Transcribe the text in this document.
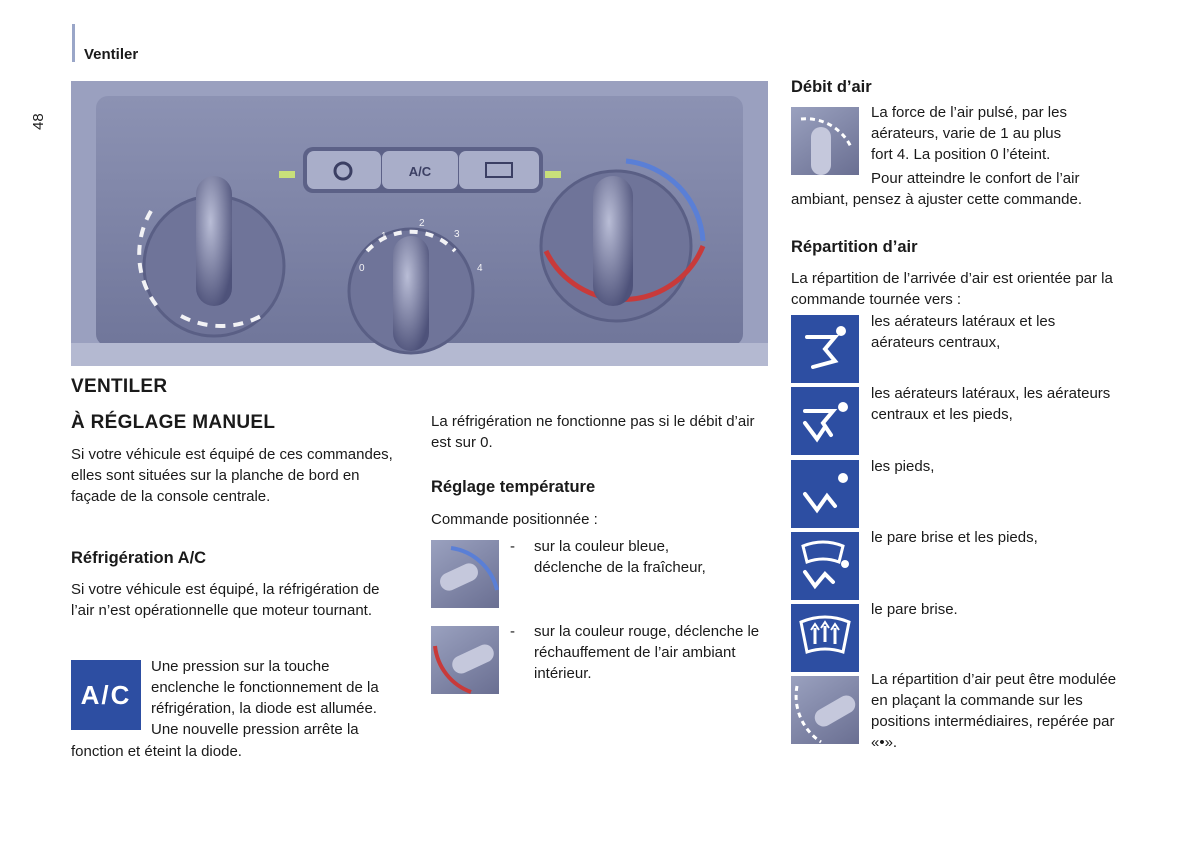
Ventiler
48
A/C
0
1
2
3
4
VENTILER
À RÉGLAGE MANUEL
Si votre véhicule est équipé de ces commandes, elles sont situées sur la planche de bord en façade de la console centrale.
Réfrigération A/C
Si votre véhicule est équipé, la réfrigération de l’air n’est opérationnelle que moteur tournant.
A/C
Une pression sur la touche
enclenche le fonctionnement de la
réfrigération, la diode est allumée.
Une nouvelle pression arrête la
fonction et éteint la diode.
La réfrigération ne fonctionne pas si le débit d’air est sur 0.
Réglage température
Commande positionnée :
-	sur la couleur bleue, déclenche de la fraîcheur,
-	sur la couleur rouge, déclenche le réchauffement de l’air ambiant intérieur.
Débit d’air
La force de l’air pulsé, par les
aérateurs, varie de 1 au plus
fort 4. La position 0 l’éteint.
Pour atteindre le confort de l’air
ambiant, pensez à ajuster cette commande.
Répartition d’air
La répartition de l’arrivée d’air est orientée par la commande tournée vers :
les aérateurs latéraux et les aérateurs centraux,
les aérateurs latéraux, les aérateurs centraux et les pieds,
les pieds,
le pare brise et les pieds,
le pare brise.
La répartition d’air peut être modulée en plaçant la commande sur les positions intermédiaires, repérée par «•».
